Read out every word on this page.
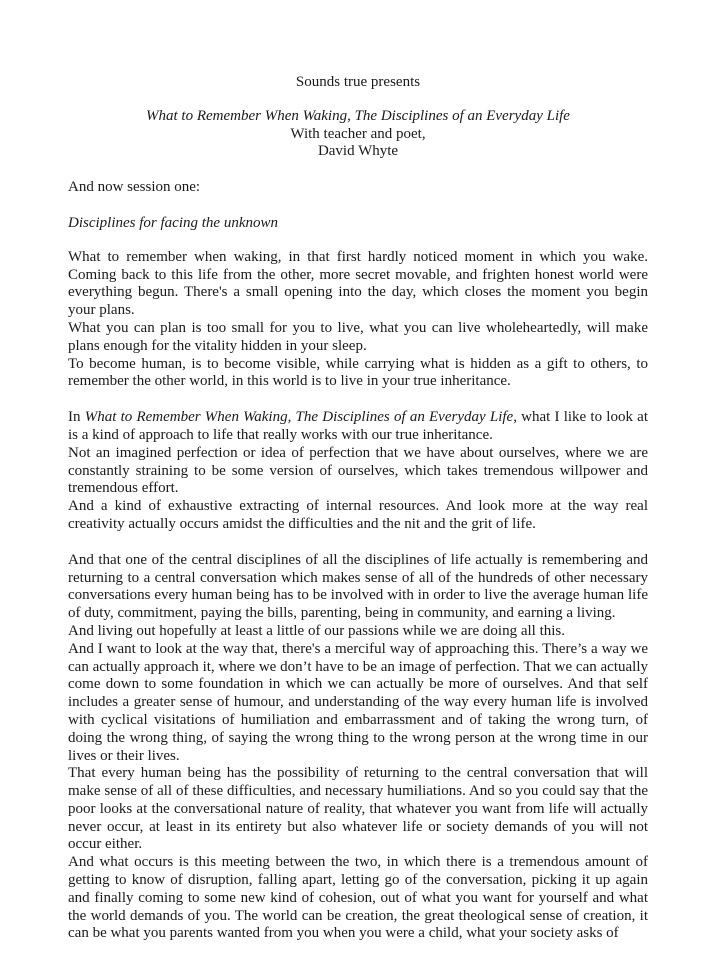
Sounds true presents

What to Remember When Waking, The Disciplines of an Everyday Life

With teacher and poet,

David Whyte

And now session one:

Disciplines for facing the unknown

What to remember when waking, in that first hardly noticed moment in which you wake. Coming back to this life from the other, more secret movable, and frighten honest world were everything begun. There's a small opening into the day, which closes the moment you begin your plans.

What you can plan is too small for you to live, what you can live wholeheartedly, will make plans enough for the vitality hidden in your sleep.

To become human, is to become visible, while carrying what is hidden as a gift to others, to remember the other world, in this world is to live in your true inheritance.

In What to Remember When Waking, The Disciplines of an Everyday Life, what I like to look at is a kind of approach to life that really works with our true inheritance.

Not an imagined perfection or idea of perfection that we have about ourselves, where we are constantly straining to be some version of ourselves, which takes tremendous willpower and tremendous effort.

And a kind of exhaustive extracting of internal resources. And look more at the way real creativity actually occurs amidst the difficulties and the nit and the grit of life.

And that one of the central disciplines of all the disciplines of life actually is remembering and returning to a central conversation which makes sense of all of the hundreds of other necessary conversations every human being has to be involved with in order to live the average human life of duty, commitment, paying the bills, parenting, being in community, and earning a living.

And living out hopefully at least a little of our passions while we are doing all this.

And I want to look at the way that, there's a merciful way of approaching this. There’s a way we can actually approach it, where we don’t have to be an image of perfection. That we can actually come down to some foundation in which we can actually be more of ourselves. And that self includes a greater sense of humour, and understanding of the way every human life is involved with cyclical visitations of humiliation and embarrassment and of taking the wrong turn, of doing the wrong thing, of saying the wrong thing to the wrong person at the wrong time in our lives or their lives.

That every human being has the possibility of returning to the central conversation that will make sense of all of these difficulties, and necessary humiliations. And so you could say that the poor looks at the conversational nature of reality, that whatever you want from life will actually never occur, at least in its entirety but also whatever life or society demands of you will not occur either.

And what occurs is this meeting between the two, in which there is a tremendous amount of getting to know of disruption, falling apart, letting go of the conversation, picking it up again and finally coming to some new kind of cohesion, out of what you want for yourself and what the world demands of you. The world can be creation, the great theological sense of creation, it can be what you parents wanted from you when you were a child, what your society asks of
